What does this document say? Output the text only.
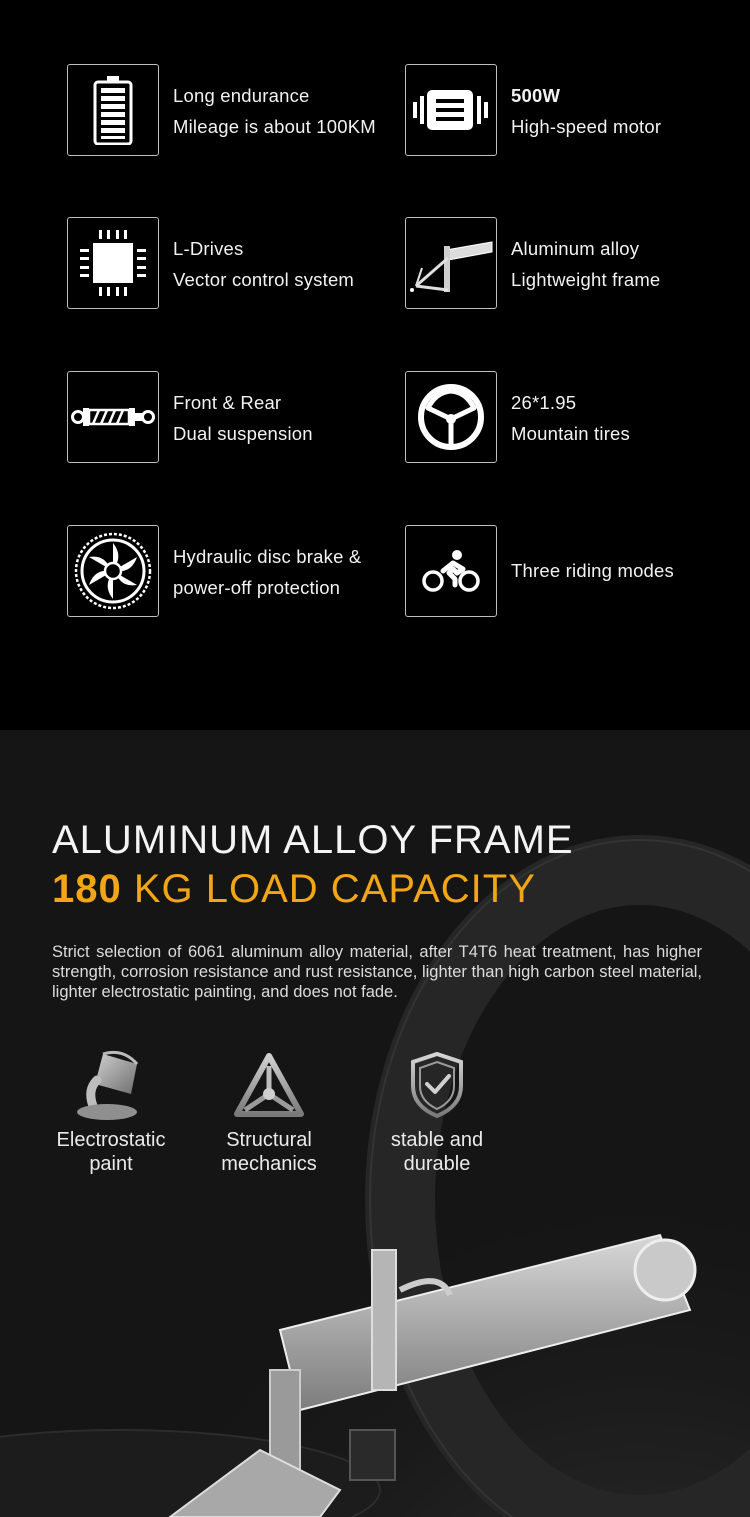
Long endurance
Mileage is about 100KM
500W
High-speed motor
L-Drives
Vector control system
Aluminum alloy
Lightweight frame
Front & Rear
Dual suspension
26*1.95
Mountain tires
Hydraulic disc brake &
power-off protection
Three riding modes
ALUMINUM ALLOY FRAME
180 KG LOAD CAPACITY
Strict selection of 6061 aluminum alloy material, after T4T6 heat treatment, has higher strength, corrosion resistance and rust resistance, lighter than high carbon steel material, lighter electrostatic painting, and does not fade.
Electrostatic
paint
Structural
mechanics
stable and
durable
